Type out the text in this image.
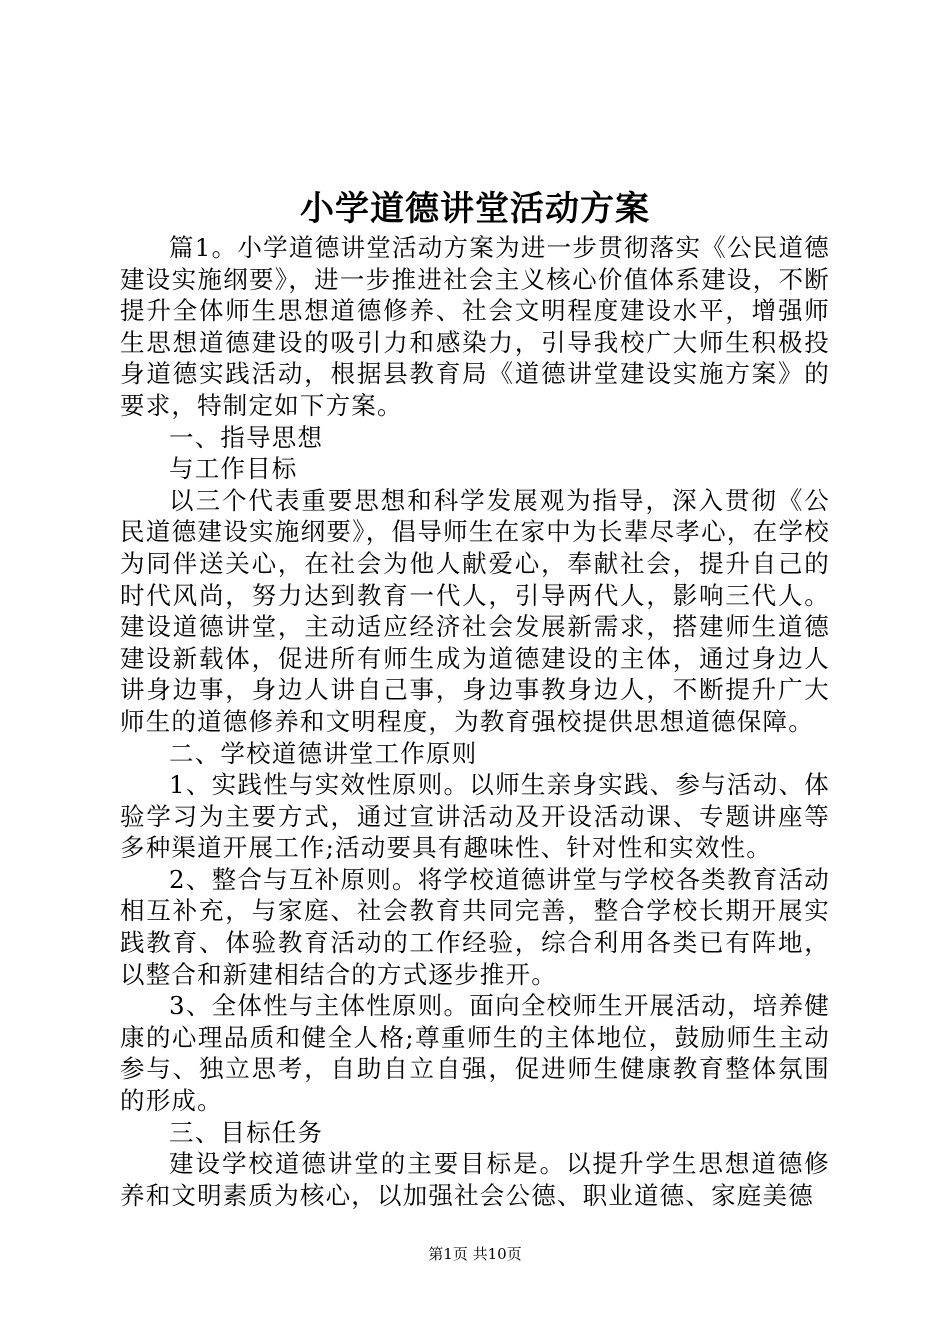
小学道德讲堂活动方案

篇1。小学道德讲堂活动方案为进一步贯彻落实《公民道德建设实施纲要》，进一步推进社会主义核心价值体系建设，不断提升全体师生思想道德修养、社会文明程度建设水平，增强师生思想道德建设的吸引力和感染力，引导我校广大师生积极投身道德实践活动，根据县教育局《道德讲堂建设实施方案》的要求，特制定如下方案。

一、指导思想

与工作目标

以三个代表重要思想和科学发展观为指导，深入贯彻《公民道德建设实施纲要》，倡导师生在家中为长辈尽孝心，在学校为同伴送关心，在社会为他人献爱心，奉献社会，提升自己的时代风尚，努力达到教育一代人，引导两代人，影响三代人。建设道德讲堂，主动适应经济社会发展新需求，搭建师生道德建设新载体，促进所有师生成为道德建设的主体，通过身边人讲身边事，身边人讲自己事，身边事教身边人，不断提升广大师生的道德修养和文明程度，为教育强校提供思想道德保障。

二、学校道德讲堂工作原则

1、实践性与实效性原则。以师生亲身实践、参与活动、体验学习为主要方式，通过宣讲活动及开设活动课、专题讲座等多种渠道开展工作;活动要具有趣味性、针对性和实效性。

2、整合与互补原则。将学校道德讲堂与学校各类教育活动相互补充，与家庭、社会教育共同完善，整合学校长期开展实践教育、体验教育活动的工作经验，综合利用各类已有阵地，以整合和新建相结合的方式逐步推开。

3、全体性与主体性原则。面向全校师生开展活动，培养健康的心理品质和健全人格;尊重师生的主体地位，鼓励师生主动参与、独立思考，自助自立自强，促进师生健康教育整体氛围的形成。

三、目标任务

建设学校道德讲堂的主要目标是。以提升学生思想道德修养和文明素质为核心，以加强社会公德、职业道德、家庭美德

第1页 共10页
